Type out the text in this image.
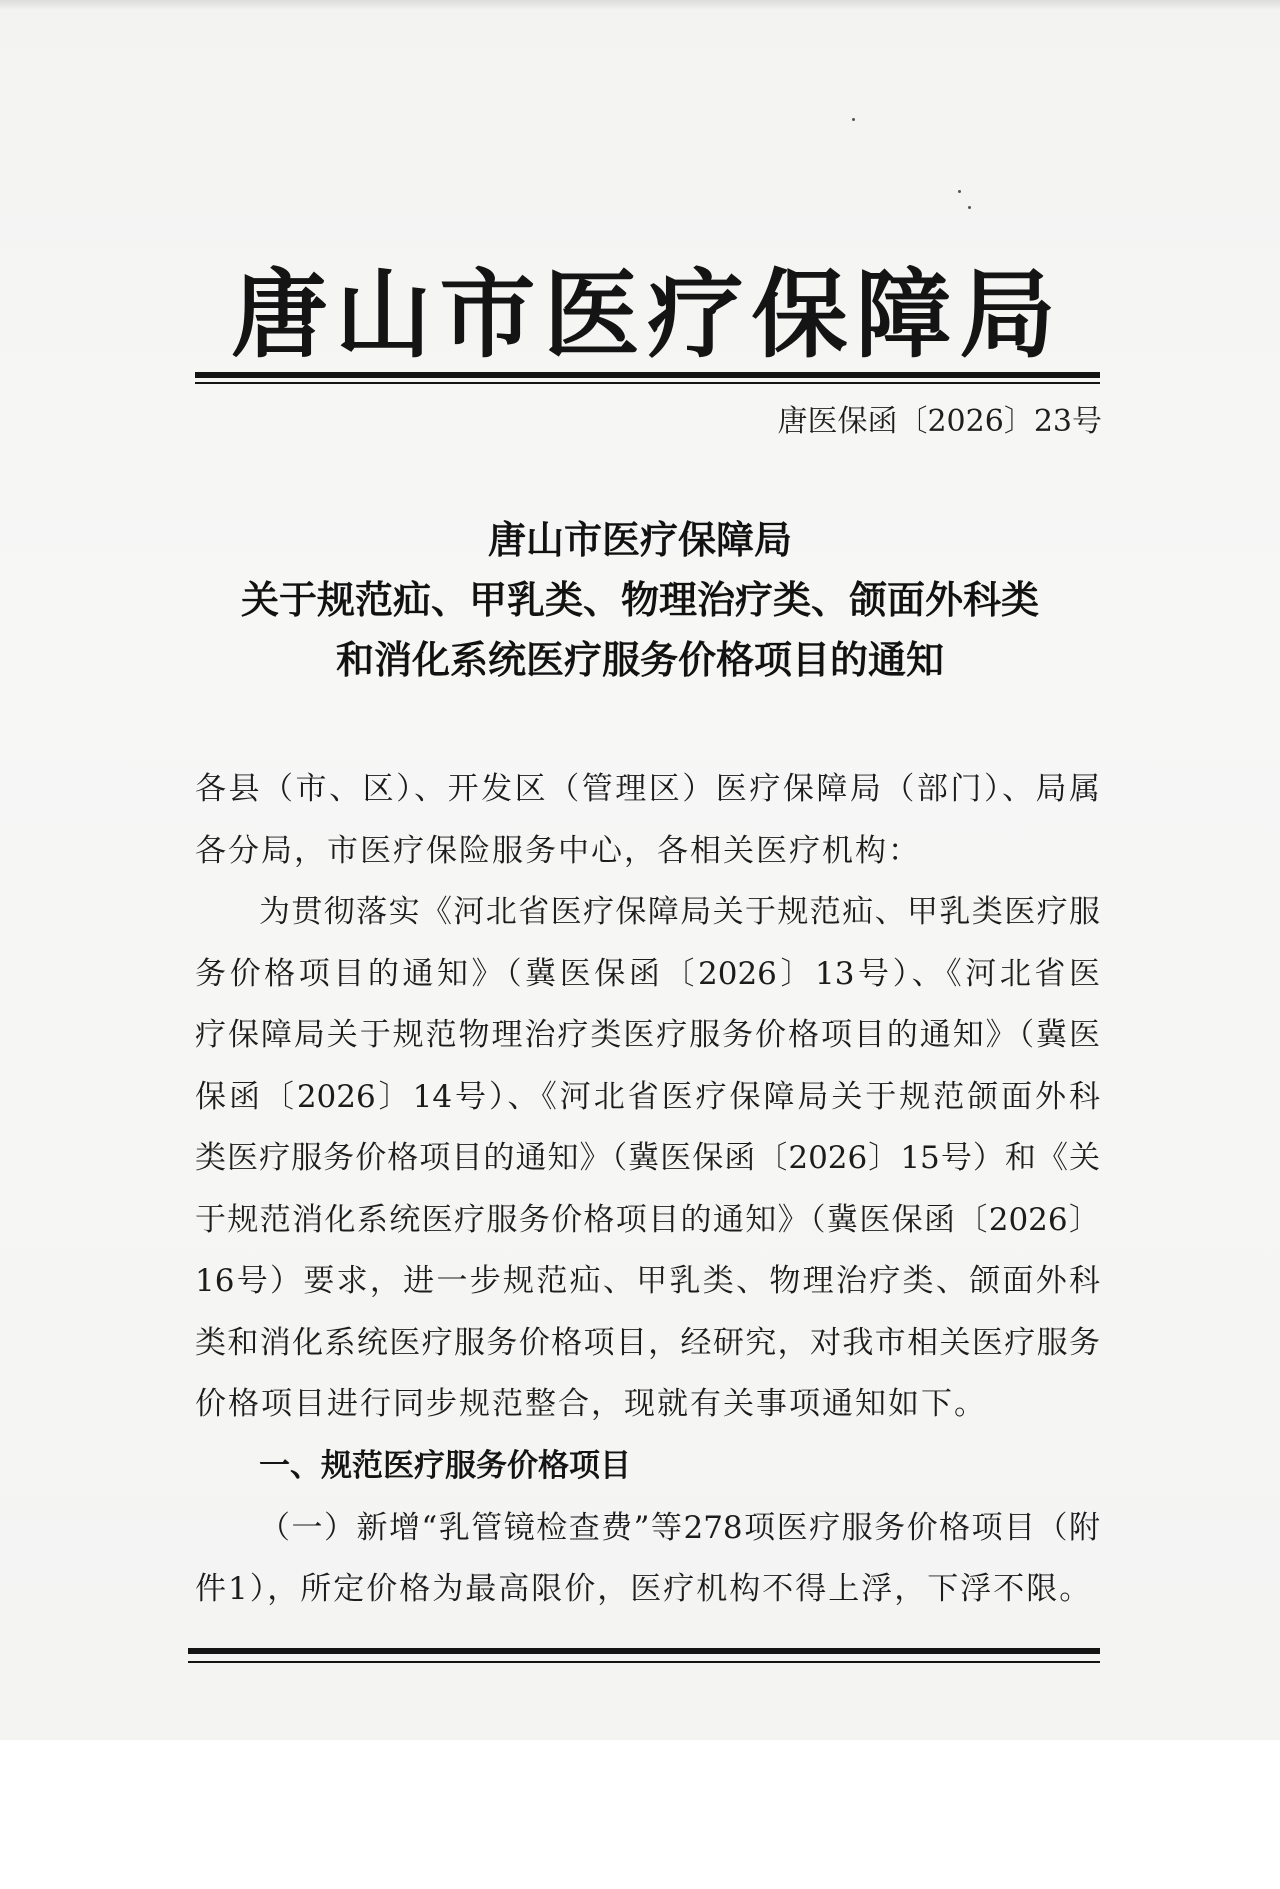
唐山市医疗保障局
唐医保函〔2026〕23号
唐山市医疗保障局
关于规范疝、甲乳类、物理治疗类、颌面外科类
和消化系统医疗服务价格项目的通知
各县（市、区）、开发区（管理区）医疗保障局（部门）、局属
各分局，市医疗保险服务中心，各相关医疗机构：
为贯彻落实《河北省医疗保障局关于规范疝、甲乳类医疗服
务价格项目的通知》（冀医保函〔2026〕13号）、《河北省医
疗保障局关于规范物理治疗类医疗服务价格项目的通知》（冀医
保函〔2026〕14号）、《河北省医疗保障局关于规范颌面外科
类医疗服务价格项目的通知》（冀医保函〔2026〕15号）和《关
于规范消化系统医疗服务价格项目的通知》（冀医保函〔2026〕
16号）要求，进一步规范疝、甲乳类、物理治疗类、颌面外科
类和消化系统医疗服务价格项目，经研究，对我市相关医疗服务
价格项目进行同步规范整合，现就有关事项通知如下。
一、规范医疗服务价格项目
（一）新增“乳管镜检查费”等278项医疗服务价格项目（附
件1），所定价格为最高限价，医疗机构不得上浮，下浮不限。
